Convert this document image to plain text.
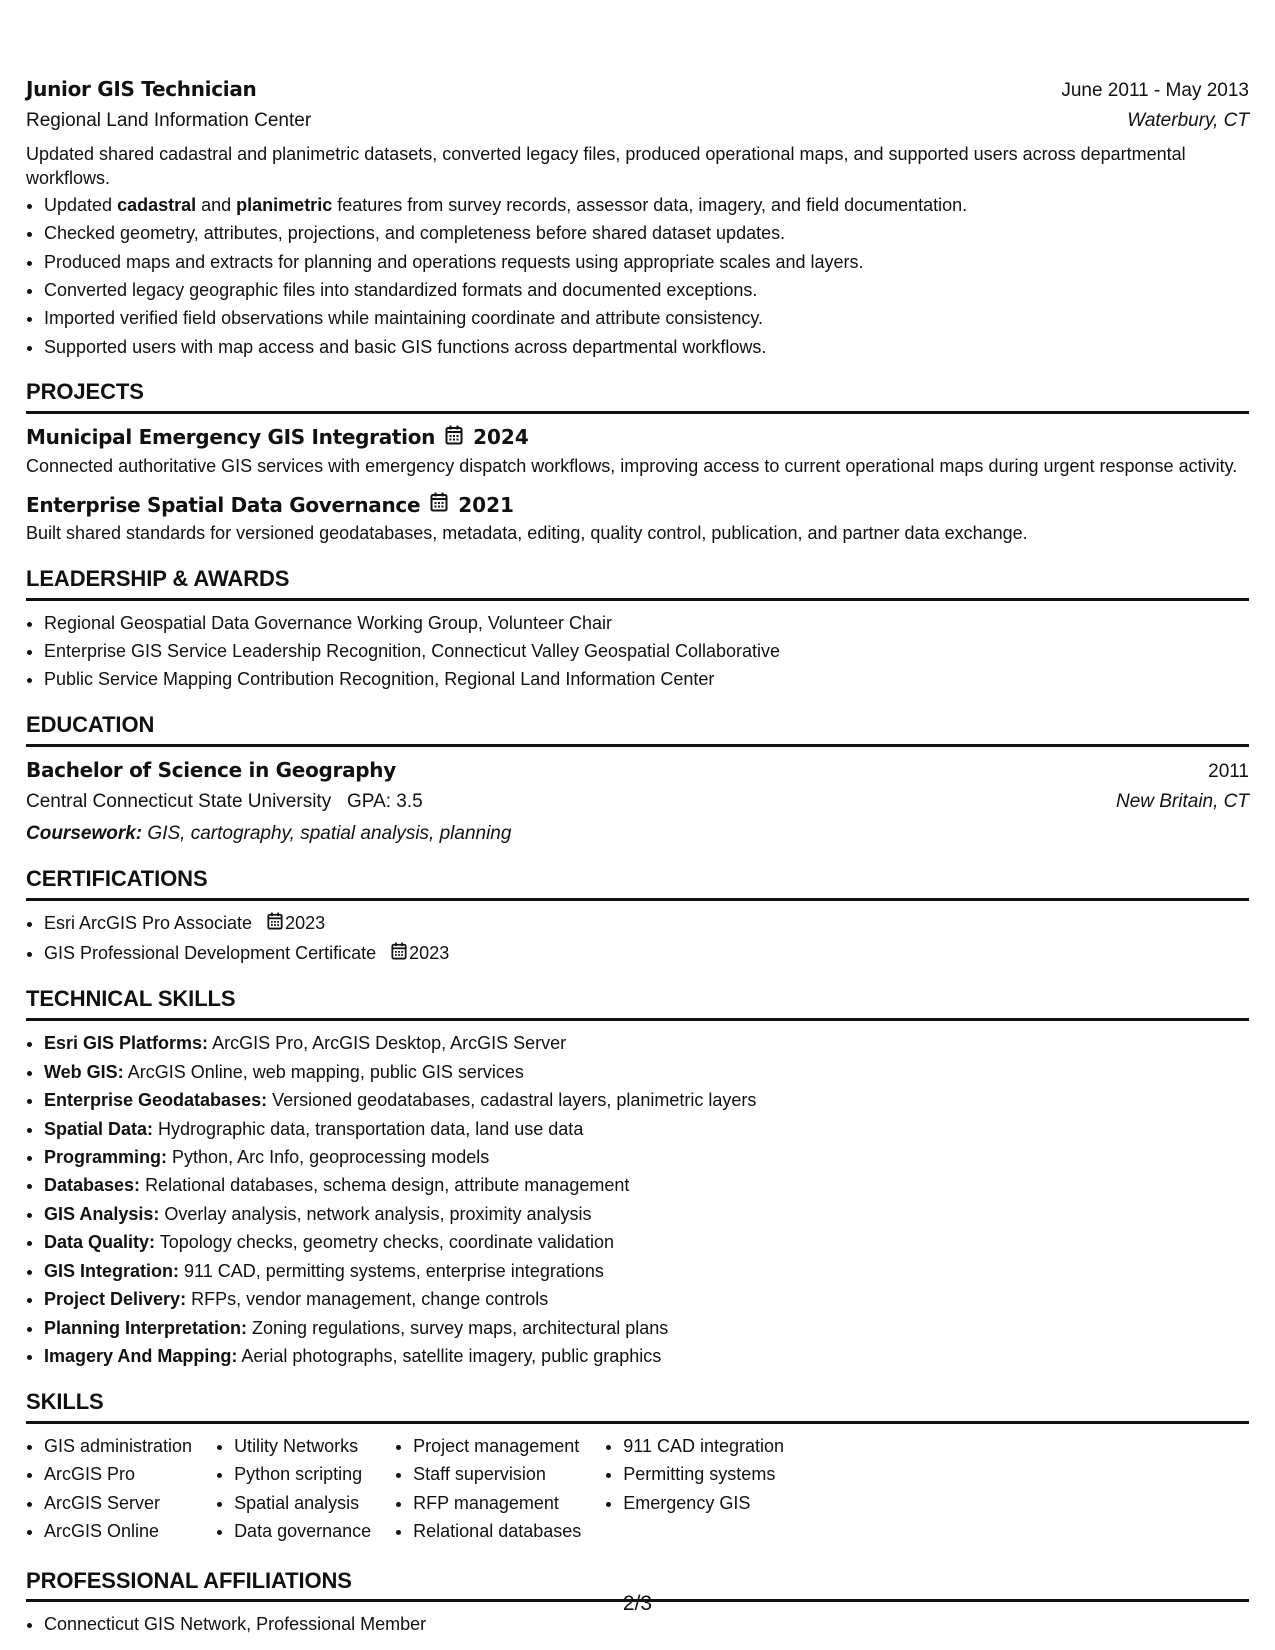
Junior GIS Technician	June 2011 - May 2013
Regional Land Information Center	Waterbury, CT
Updated shared cadastral and planimetric datasets, converted legacy files, produced operational maps, and supported users across departmental workflows.
• Updated cadastral and planimetric features from survey records, assessor data, imagery, and field documentation.
• Checked geometry, attributes, projections, and completeness before shared dataset updates.
• Produced maps and extracts for planning and operations requests using appropriate scales and layers.
• Converted legacy geographic files into standardized formats and documented exceptions.
• Imported verified field observations while maintaining coordinate and attribute consistency.
• Supported users with map access and basic GIS functions across departmental workflows.
PROJECTS
Municipal Emergency GIS Integration 2024
Connected authoritative GIS services with emergency dispatch workflows, improving access to current operational maps during urgent response activity.
Enterprise Spatial Data Governance 2021
Built shared standards for versioned geodatabases, metadata, editing, quality control, publication, and partner data exchange.
LEADERSHIP & AWARDS
• Regional Geospatial Data Governance Working Group, Volunteer Chair
• Enterprise GIS Service Leadership Recognition, Connecticut Valley Geospatial Collaborative
• Public Service Mapping Contribution Recognition, Regional Land Information Center
EDUCATION
Bachelor of Science in Geography	2011
Central Connecticut State University GPA: 3.5	New Britain, CT
Coursework: GIS, cartography, spatial analysis, planning
CERTIFICATIONS
• Esri ArcGIS Pro Associate 2023
• GIS Professional Development Certificate 2023
TECHNICAL SKILLS
• Esri GIS Platforms: ArcGIS Pro, ArcGIS Desktop, ArcGIS Server
• Web GIS: ArcGIS Online, web mapping, public GIS services
• Enterprise Geodatabases: Versioned geodatabases, cadastral layers, planimetric layers
• Spatial Data: Hydrographic data, transportation data, land use data
• Programming: Python, Arc Info, geoprocessing models
• Databases: Relational databases, schema design, attribute management
• GIS Analysis: Overlay analysis, network analysis, proximity analysis
• Data Quality: Topology checks, geometry checks, coordinate validation
• GIS Integration: 911 CAD, permitting systems, enterprise integrations
• Project Delivery: RFPs, vendor management, change controls
• Planning Interpretation: Zoning regulations, survey maps, architectural plans
• Imagery And Mapping: Aerial photographs, satellite imagery, public graphics
SKILLS
• GIS administration
• ArcGIS Pro
• ArcGIS Server
• ArcGIS Online
• Utility Networks
• Python scripting
• Spatial analysis
• Data governance
• Project management
• Staff supervision
• RFP management
• Relational databases
• 911 CAD integration
• Permitting systems
• Emergency GIS
PROFESSIONAL AFFILIATIONS
• Connecticut GIS Network, Professional Member
2/3
